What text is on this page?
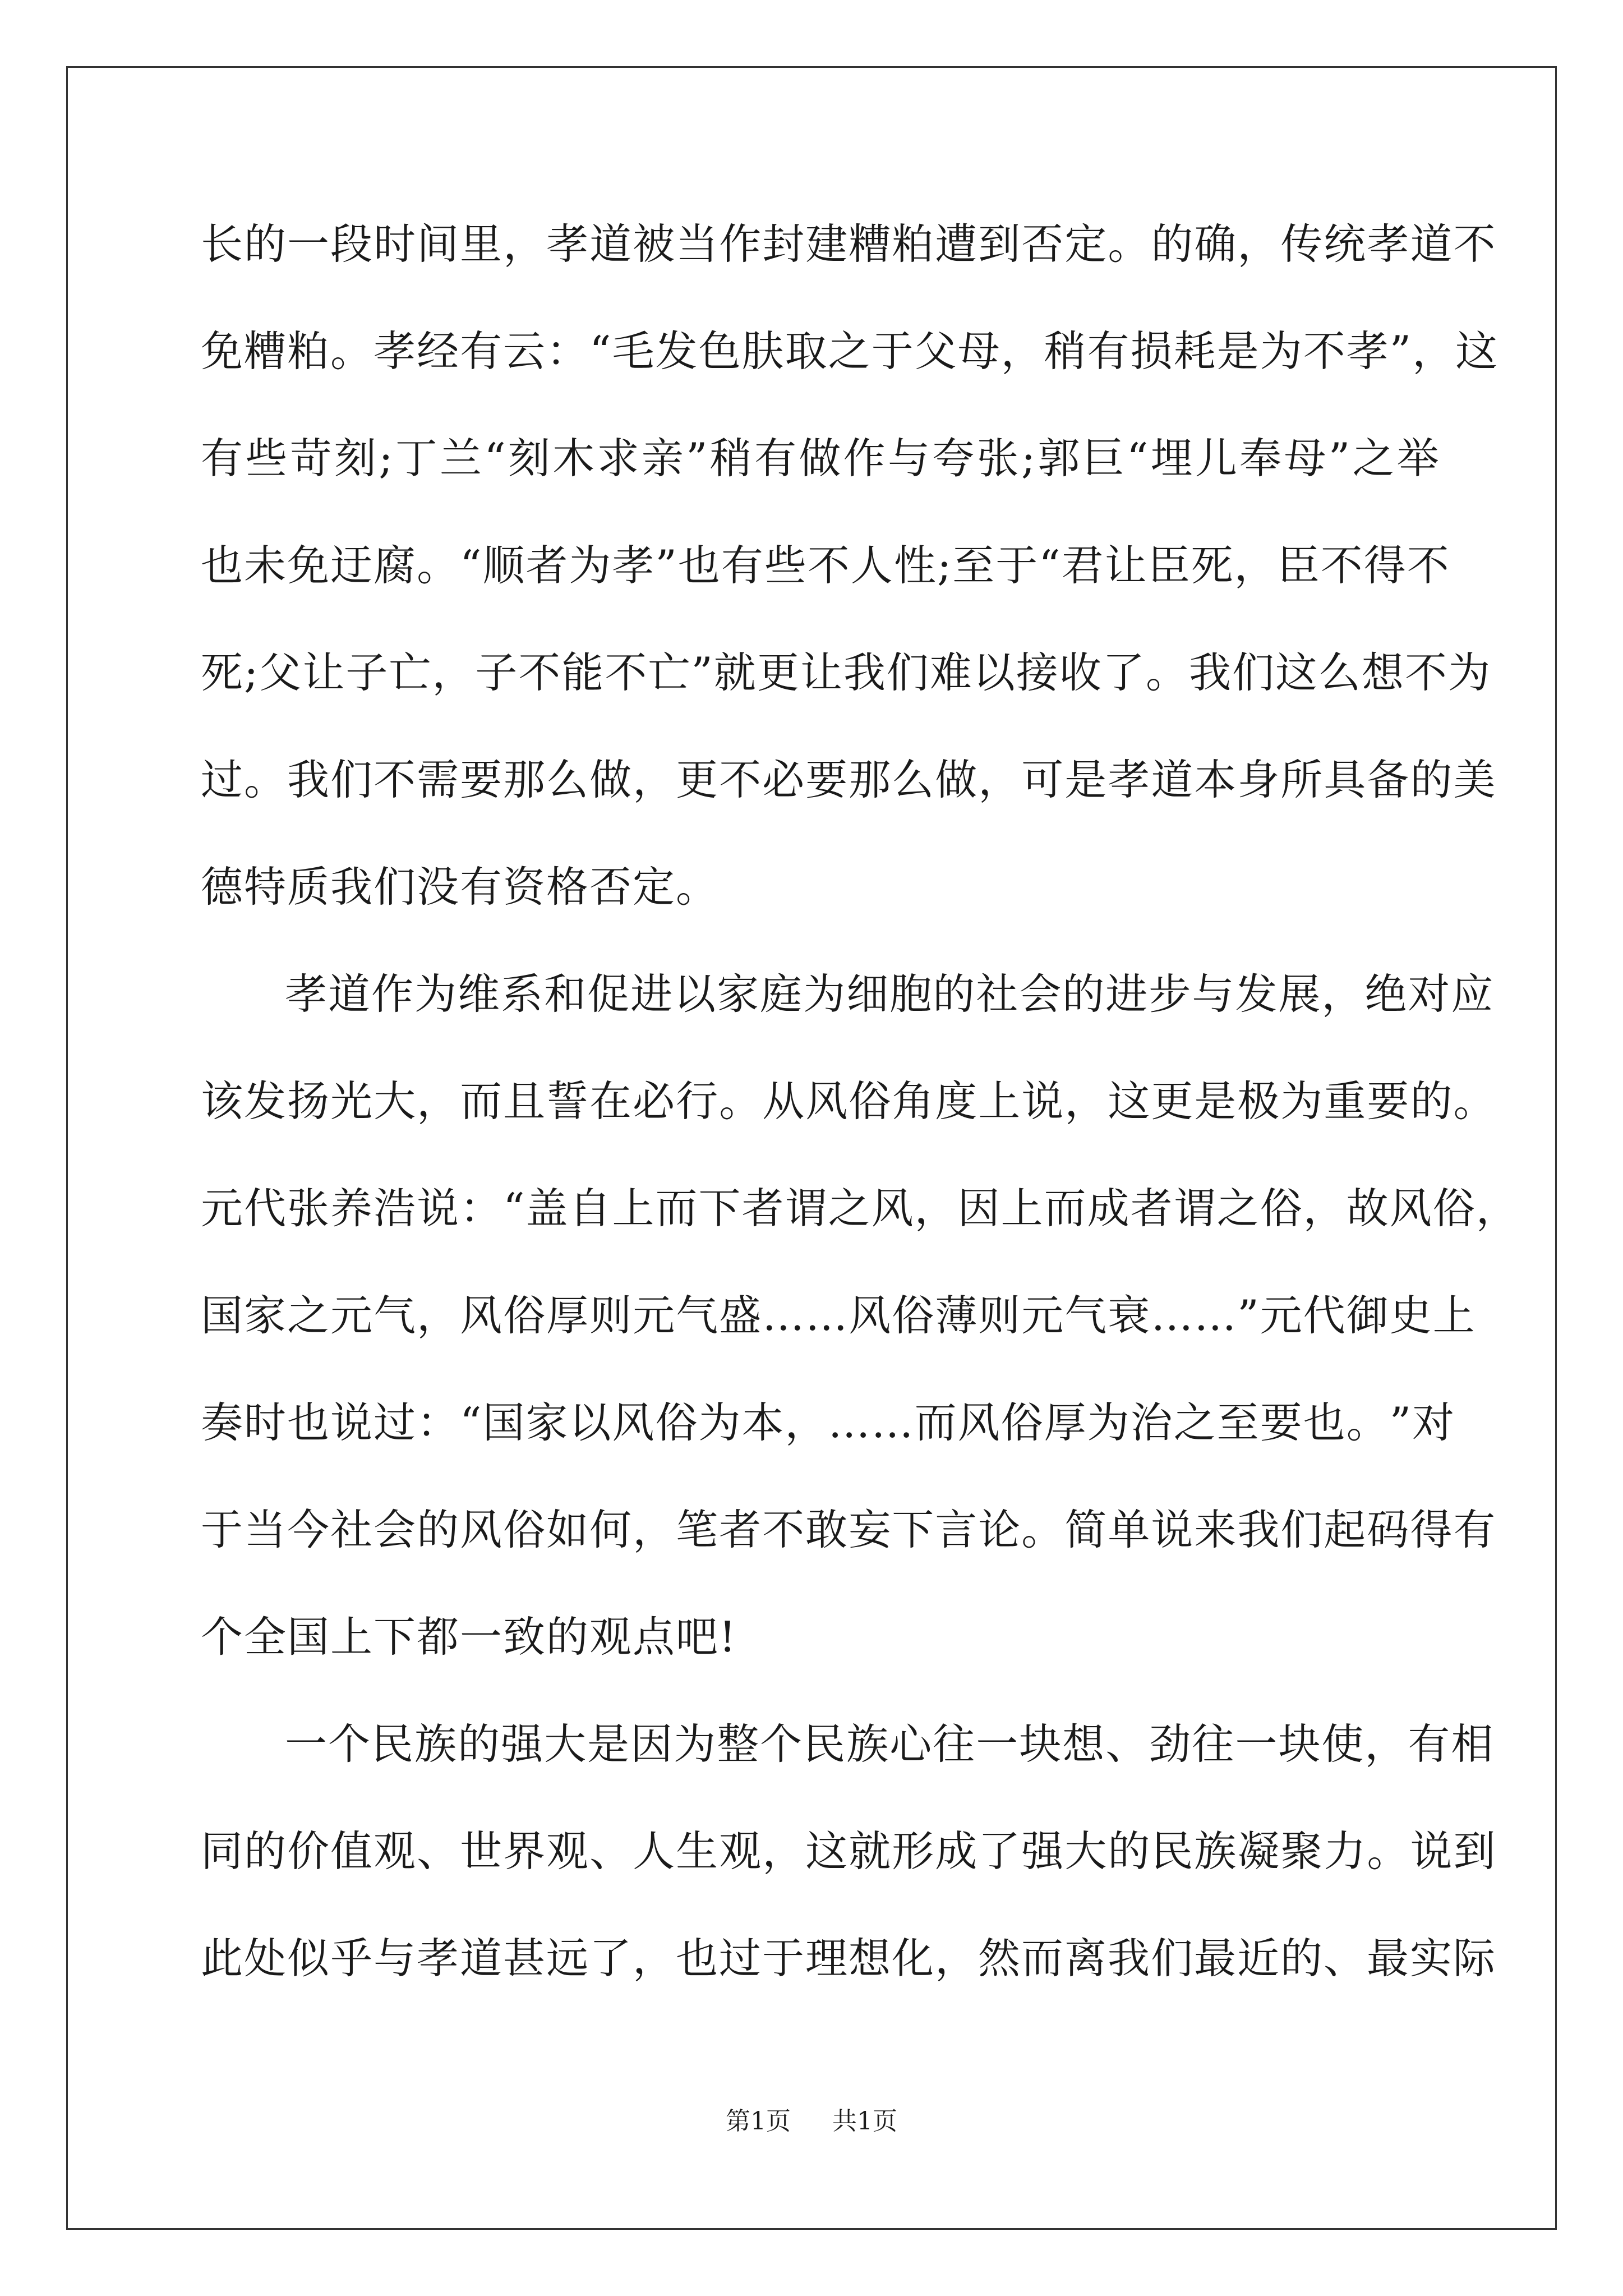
长 的 一 段 时 间 里 ， 孝 道 被 当 作 封 建 糟 粕 遭 到 否 定 。 的 确 ， 传 统 孝 道 不
免 糟 粕 。 孝 经 有 云 ： “ 毛 发 色 肤 取 之 于 父 母 ， 稍 有 损 耗 是 为 不 孝 ” ， 这
有 些 苛 刻 ; 丁 兰 “ 刻 木 求 亲 ” 稍 有 做 作 与 夸 张 ; 郭 巨 “ 埋 儿 奉 母 ” 之 举
也 未 免 迂 腐 。 “ 顺 者 为 孝 ” 也 有 些 不 人 性 ; 至 于 “ 君 让 臣 死 ， 臣 不 得 不
死 ; 父 让 子 亡 ， 子 不 能 不 亡 ” 就 更 让 我 们 难 以 接 收 了 。 我 们 这 么 想 不 为
过 。 我 们 不 需 要 那 么 做 ， 更 不 必 要 那 么 做 ， 可 是 孝 道 本 身 所 具 备 的 美
德特质我们没有资格否定。
孝 道 作 为 维 系 和 促 进 以 家 庭 为 细 胞 的 社 会 的 进 步 与 发 展 ， 绝 对 应
该 发 扬 光 大 ， 而 且 誓 在 必 行 。 从 风 俗 角 度 上 说 ， 这 更 是 极 为 重 要 的 。
元 代 张 养 浩 说 ： “ 盖 自 上 而 下 者 谓 之 风 ， 因 上 而 成 者 谓 之 俗 ， 故 风 俗 ，
国 家 之 元 气 ， 风 俗 厚 则 元 气 盛 … … 风 俗 薄 则 元 气 衰 … … ” 元 代 御 史 上
奏 时 也 说 过 ： “ 国 家 以 风 俗 为 本 ， … … 而 风 俗 厚 为 治 之 至 要 也 。 ” 对
于 当 今 社 会 的 风 俗 如 何 ， 笔 者 不 敢 妄 下 言 论 。 简 单 说 来 我 们 起 码 得 有
个全国上下都一致的观点吧!
一 个 民 族 的 强 大 是 因 为 整 个 民 族 心 往 一 块 想 、 劲 往 一 块 使 ， 有 相
同 的 价 值 观 、 世 界 观 、 人 生 观 ， 这 就 形 成 了 强 大 的 民 族 凝 聚 力 。 说 到
此处似乎与孝道甚远了，也过于理想化，然而离我们最近的、最实际
第1页 共1页
